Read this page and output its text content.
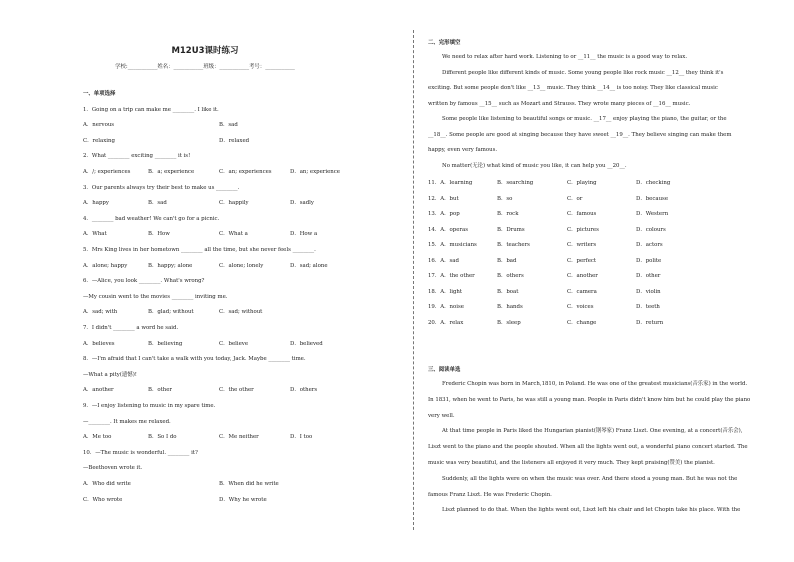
M12U3课时练习
学校:___________姓名：___________班级：___________考号：___________
一、单项选择
1．Going on a trip can make me ________. I like it.
A．nervous	B．sad
C．relaxing	D．relaxed
2．What ________ exciting ________ it is!
A．/; experiences	B．a; experience	C．an; experiences	D．an; experience
3．Our parents always try their best to make us ________.
A．happy	B．sad	C．happily	D．sadly
4．________ bad weather! We can't go for a picnic.
A．What	B．How	C．What a	D．How a
5．Mrs King lives in her hometown ________ all the time, but she never feels ________.
A．alone; happy	B．happy; alone	C．alone; lonely	D．sad; alone
6．—Alice, you look ________. What's wrong?
—My cousin went to the movies ________ inviting me.
A．sad; with	B．glad; without	C．sad; without
7．I didn't ________ a word he said.
A．believes	B．believing	C．believe	D．believed
8．—I'm afraid that I can't take a walk with you today, Jack. Maybe ________ time.
—What a pity(遗憾)!
A．another	B．other	C．the other	D．others
9．—I enjoy listening to music in my spare time.
—________. It makes me relaxed.
A．Me too	B．So I do	C．Me neither	D．I too
10．—The music is wonderful. ________ it?
—Beethoven wrote it.
A．Who did write	B．When did he write
C．Who wrote	D．Why he wrote
二、完形填空
We need to relax after hard work. Listening to or __11__ the music is a good way to relax.
Different people like different kinds of music. Some young people like rock music __12__ they think it's
exciting. But some people don't like __13__ music. They think __14__ is too noisy. They like classical music
written by famous __15__ such as Mozart and Strauss. They wrote many pieces of __16__ music.
Some people like listening to beautiful songs or music. __17__ enjoy playing the piano, the guitar, or the
__18__. Some people are good at singing because they have sweet __19__. They believe singing can make them
happy, even very famous.
No matter(无论) what kind of music you like, it can help you __20__.
11．A．learning	B．searching	C．playing	D．checking
12．A．but	B．so	C．or	D．because
13．A．pop	B．rock	C．famous	D．Western
14．A．operas	B．Drums	C．pictures	D．colours
15．A．musicians	B．teachers	C．writers	D．actors
16．A．sad	B．bad	C．perfect	D．polite
17．A．the other	B．others	C．another	D．other
18．A．light	B．boat	C．camera	D．violin
19．A．noise	B．hands	C．voices	D．teeth
20．A．relax	B．sleep	C．change	D．return
三、阅读单选
Frederic Chopin was born in March,1810, in Poland. He was one of the greatest musicians(音乐家) in the world.
In 1831, when he went to Paris, he was still a young man. People in Paris didn't know him but he could play the piano
very well.
At that time people in Paris liked the Hungarian pianist(钢琴家) Franz Liszt. One evening, at a concert(音乐会),
Liszt went to the piano and the people shouted. When all the lights went out, a wonderful piano concert started. The
music was very beautiful, and the listeners all enjoyed it very much. They kept praising(赞美) the pianist.
Suddenly, all the lights were on when the music was over. And there stood a young man. But he was not the
famous Franz Liszt. He was Frederic Chopin.
Liszt planned to do that. When the lights went out, Liszt left his chair and let Chopin take his place. With the
